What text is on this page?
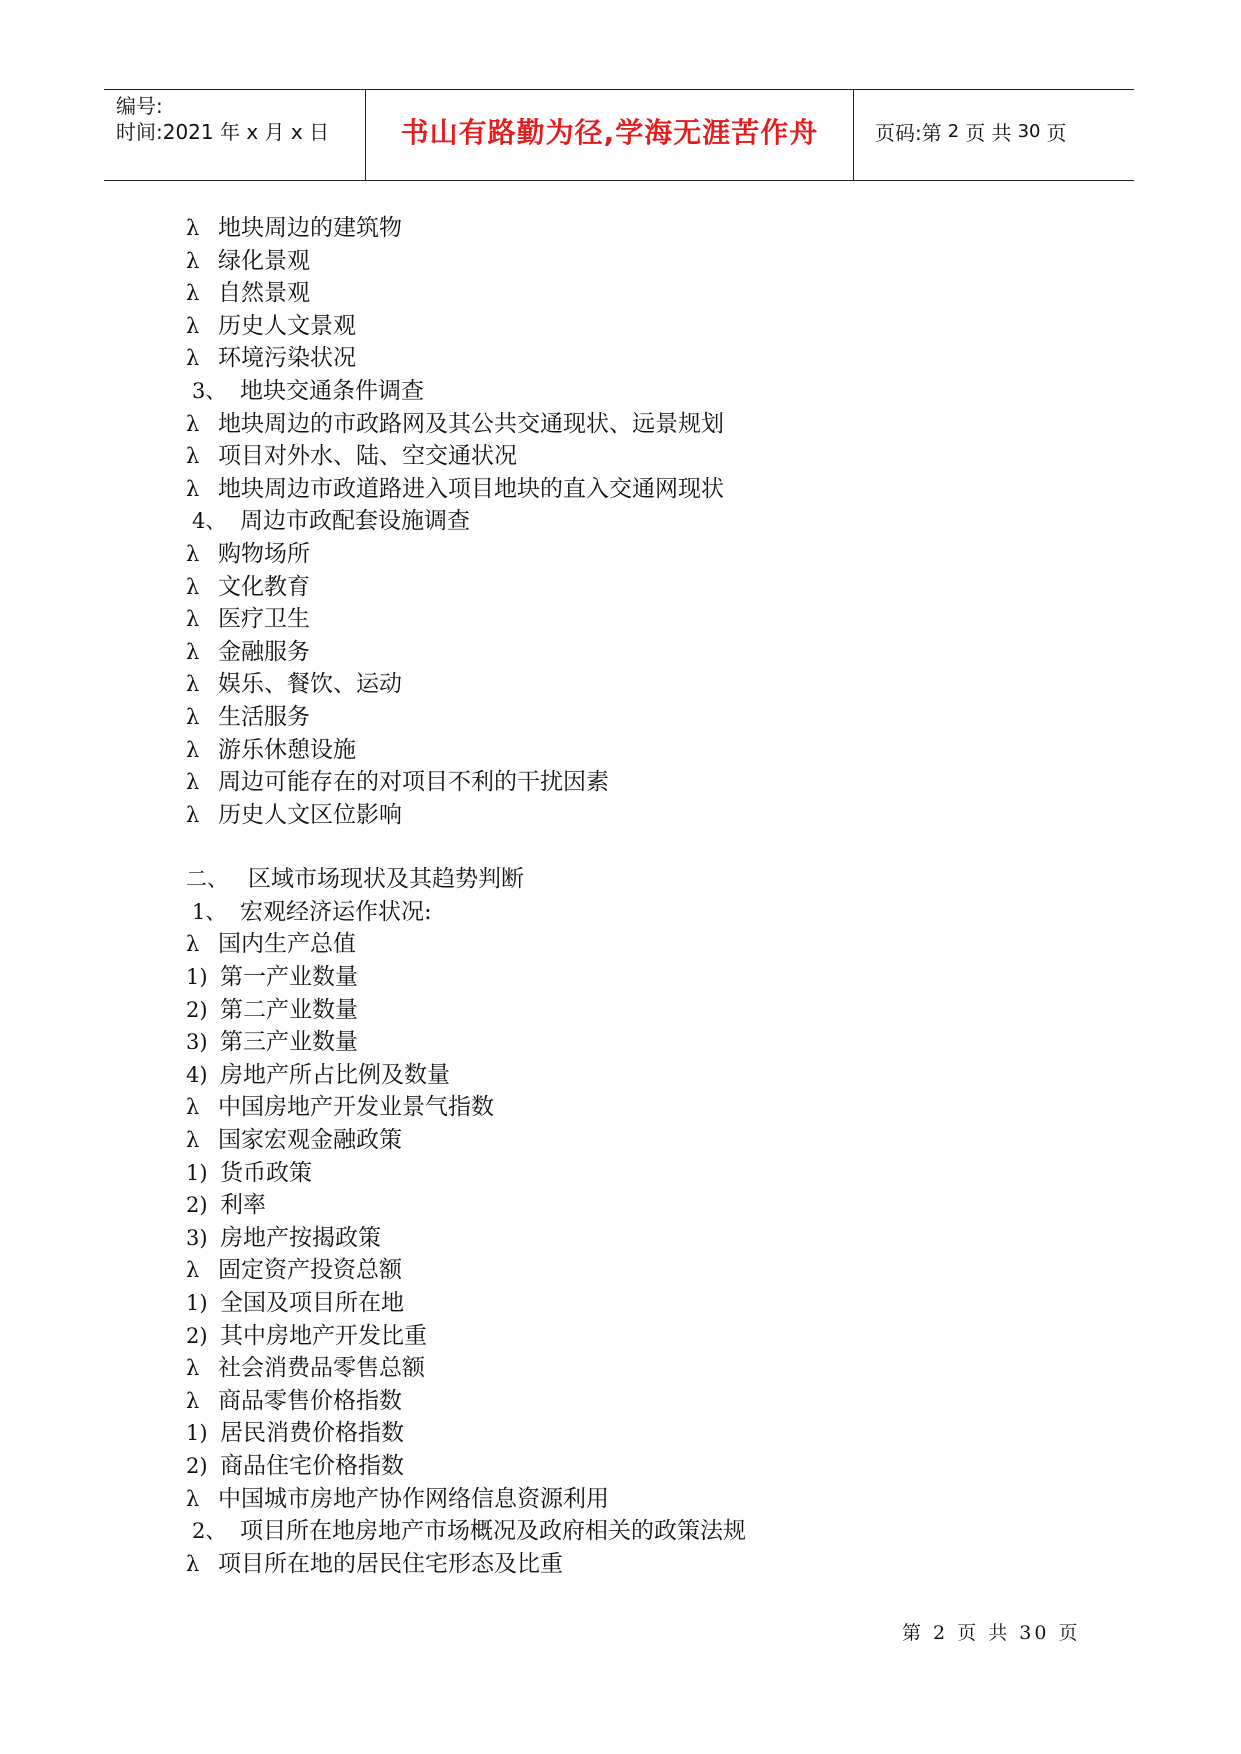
编号:
时间:2021 年 x 月 x 日	书山有路勤为径,学海无涯苦作舟	页码:第 2 页 共 30 页
λ 地块周边的建筑物
λ 绿化景观
λ 自然景观
λ 历史人文景观
λ 环境污染状况
3、 地块交通条件调查
λ 地块周边的市政路网及其公共交通现状、远景规划
λ 项目对外水、陆、空交通状况
λ 地块周边市政道路进入项目地块的直入交通网现状
4、 周边市政配套设施调查
λ 购物场所
λ 文化教育
λ 医疗卫生
λ 金融服务
λ 娱乐、餐饮、运动
λ 生活服务
λ 游乐休憩设施
λ 周边可能存在的对项目不利的干扰因素
λ 历史人文区位影响
二、 区域市场现状及其趋势判断
1、 宏观经济运作状况:
λ 国内生产总值
1) 第一产业数量
2) 第二产业数量
3) 第三产业数量
4) 房地产所占比例及数量
λ 中国房地产开发业景气指数
λ 国家宏观金融政策
1) 货币政策
2) 利率
3) 房地产按揭政策
λ 固定资产投资总额
1) 全国及项目所在地
2) 其中房地产开发比重
λ 社会消费品零售总额
λ 商品零售价格指数
1) 居民消费价格指数
2) 商品住宅价格指数
λ 中国城市房地产协作网络信息资源利用
2、 项目所在地房地产市场概况及政府相关的政策法规
λ 项目所在地的居民住宅形态及比重
第 2 页 共 30 页
